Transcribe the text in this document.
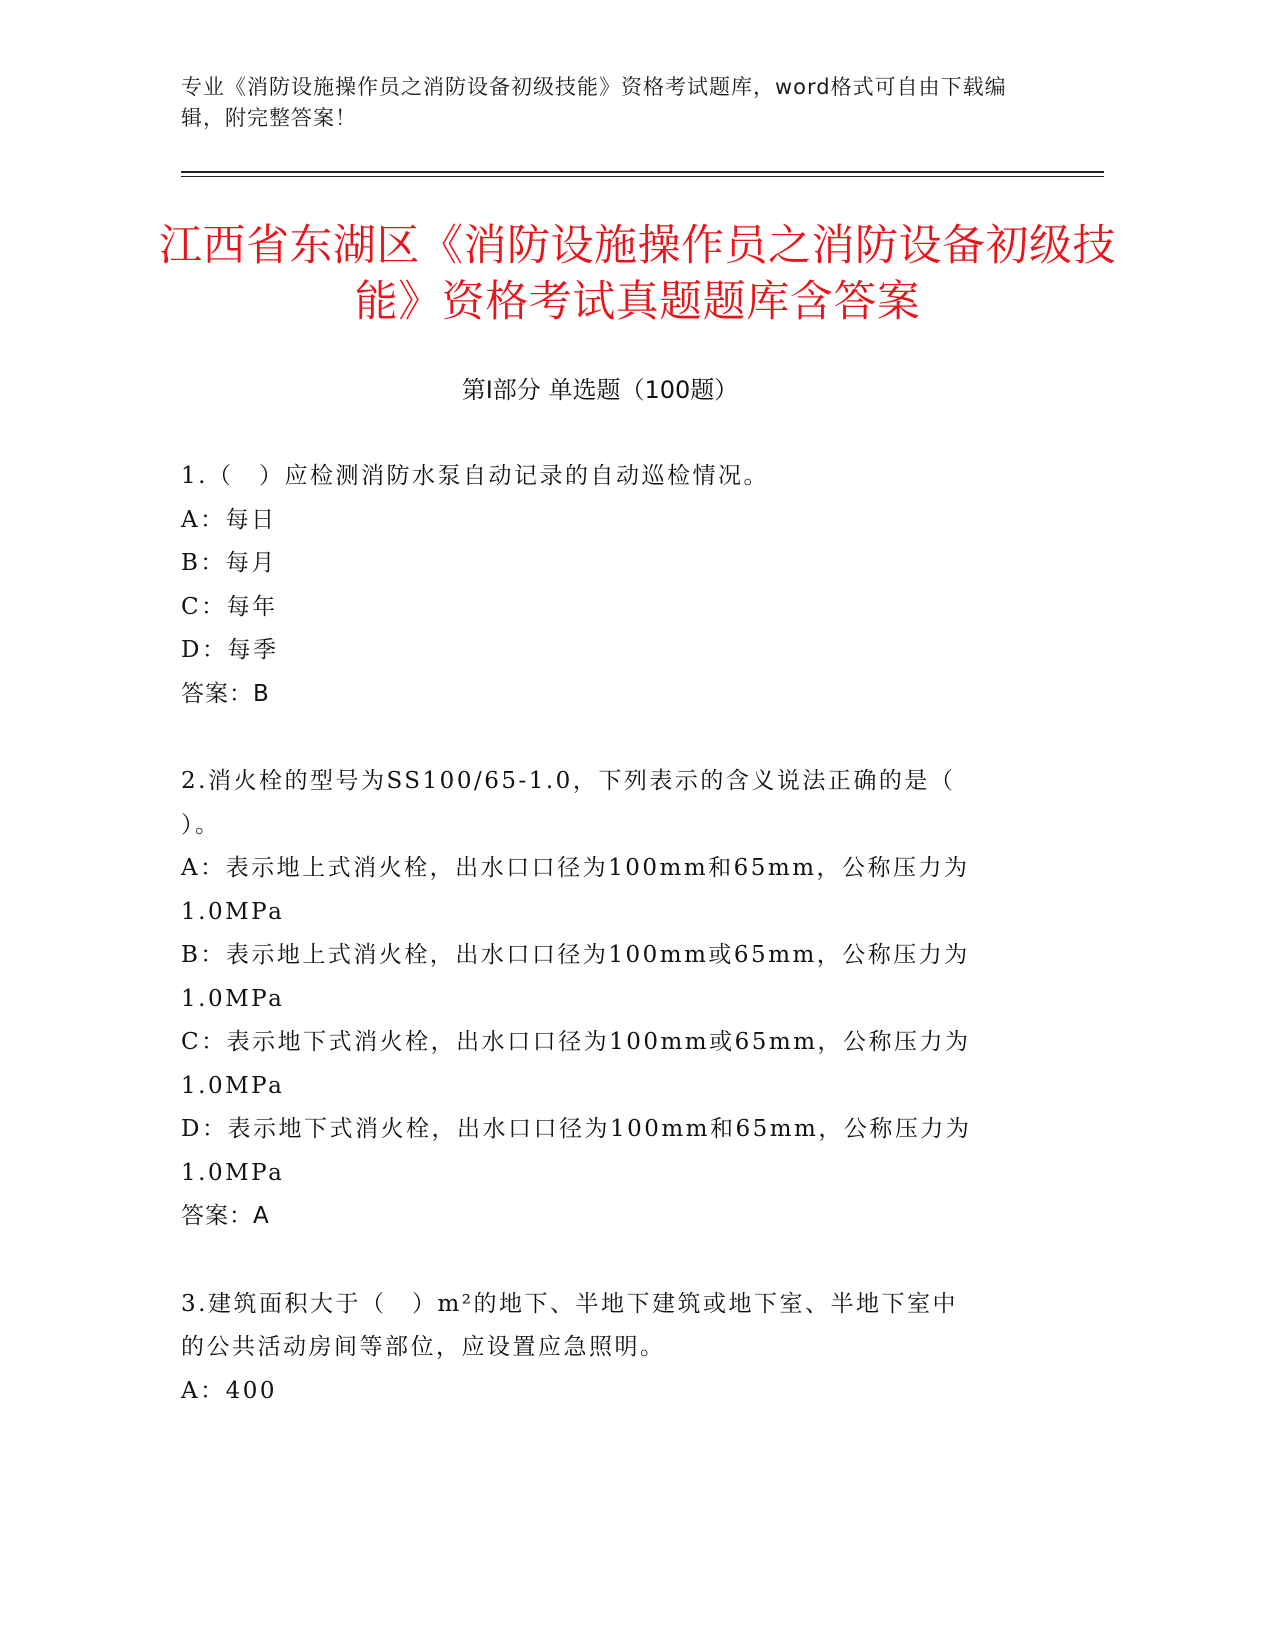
专业《消防设施操作员之消防设备初级技能》资格考试题库，word格式可自由下载编辑，附完整答案！
江西省东湖区《消防设施操作员之消防设备初级技能》资格考试真题题库含答案
第Ⅰ部分 单选题（100题）
1.（　）应检测消防水泵自动记录的自动巡检情况。
A：每日
B：每月
C：每年
D：每季
答案：B
2.消火栓的型号为SS100/65-1.0，下列表示的含义说法正确的是（
）。
A：表示地上式消火栓，出水口口径为100mm和65mm，公称压力为
1.0MPa
B：表示地上式消火栓，出水口口径为100mm或65mm，公称压力为
1.0MPa
C：表示地下式消火栓，出水口口径为100mm或65mm，公称压力为
1.0MPa
D：表示地下式消火栓，出水口口径为100mm和65mm，公称压力为
1.0MPa
答案：A
3.建筑面积大于（　）m²的地下、半地下建筑或地下室、半地下室中
的公共活动房间等部位，应设置应急照明。
A：400
